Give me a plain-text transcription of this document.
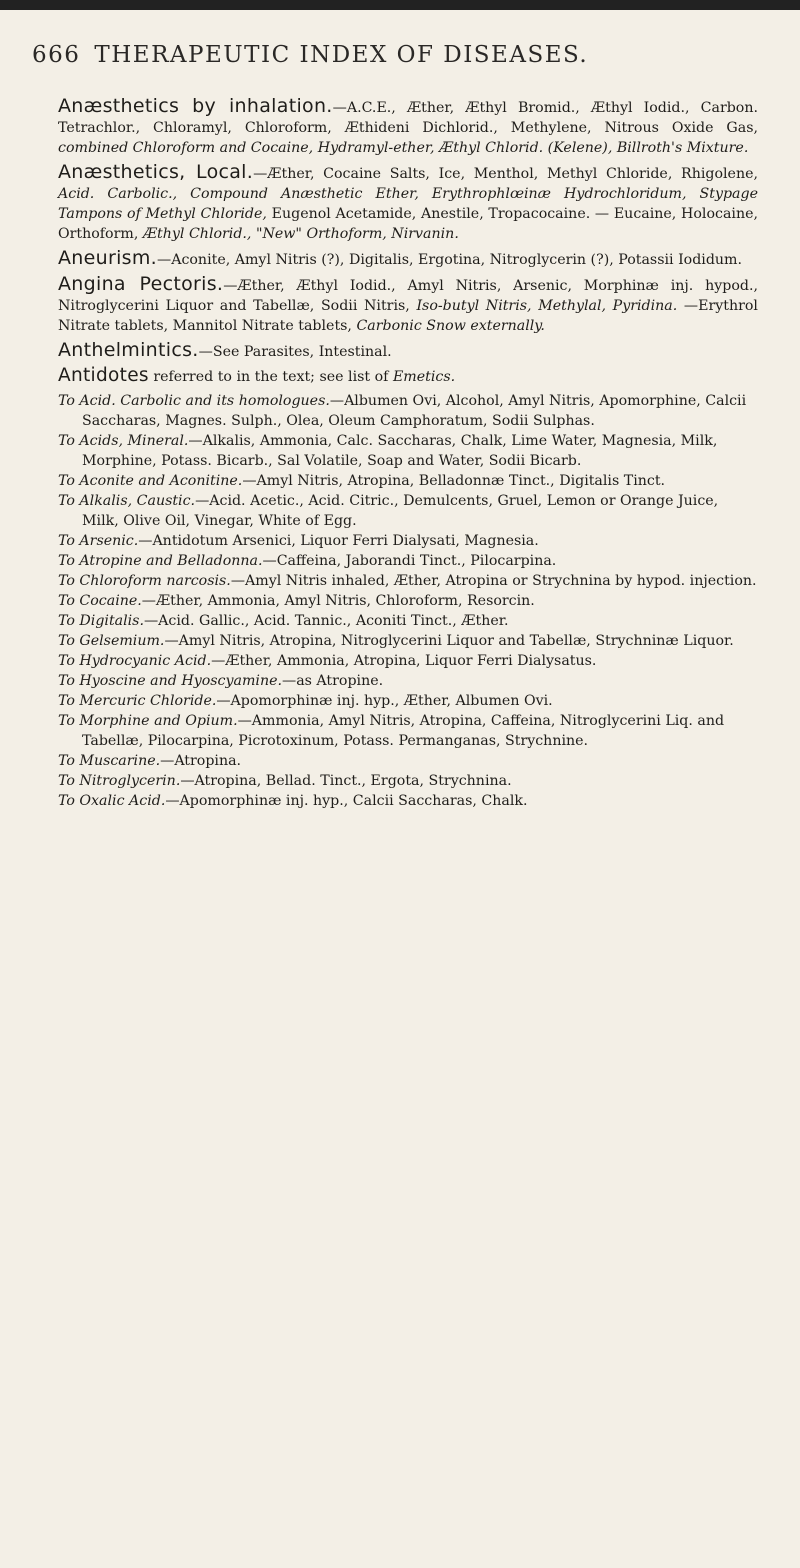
666 THERAPEUTIC INDEX OF DISEASES.

Anæsthetics by inhalation.—A.C.E., Æther, Æthyl Bromid., Æthyl Iodid., Carbon. Tetrachlor., Chloramyl, Chloroform, Æthideni Dichlorid., Methylene, Nitrous Oxide Gas, combined Chloroform and Cocaine, Hydramyl-ether, Æthyl Chlorid. (Kelene), Billroth's Mixture.

Anæsthetics, Local.—Æther, Cocaine Salts, Ice, Menthol, Methyl Chloride, Rhigolene, Acid. Carbolic., Compound Anæsthetic Ether, Erythrophlœinæ Hydrochloridum, Stypage Tampons of Methyl Chloride, Eugenol Acetamide, Anestile, Tropacocaine. — Eucaine, Holocaine, Orthoform, Æthyl Chlorid., "New" Orthoform, Nirvanin.

Aneurism.—Aconite, Amyl Nitris (?), Digitalis, Ergotina, Nitroglycerin (?), Potassii Iodidum.

Angina Pectoris.—Æther, Æthyl Iodid., Amyl Nitris, Arsenic, Morphinæ inj. hypod., Nitroglycerini Liquor and Tabellæ, Sodii Nitris, Iso-butyl Nitris, Methylal, Pyridina. —Erythrol Nitrate tablets, Mannitol Nitrate tablets, Carbonic Snow externally.

Anthelmintics.—See Parasites, Intestinal.

Antidotes referred to in the text; see list of Emetics.

To Acid. Carbolic and its homologues.—Albumen Ovi, Alcohol, Amyl Nitris, Apomorphine, Calcii Saccharas, Magnes. Sulph., Olea, Oleum Camphoratum, Sodii Sulphas.

To Acids, Mineral.—Alkalis, Ammonia, Calc. Saccharas, Chalk, Lime Water, Magnesia, Milk, Morphine, Potass. Bicarb., Sal Volatile, Soap and Water, Sodii Bicarb.

To Aconite and Aconitine.—Amyl Nitris, Atropina, Belladonnæ Tinct., Digitalis Tinct.

To Alkalis, Caustic.—Acid. Acetic., Acid. Citric., Demulcents, Gruel, Lemon or Orange Juice, Milk, Olive Oil, Vinegar, White of Egg.

To Arsenic.—Antidotum Arsenici, Liquor Ferri Dialysati, Magnesia.

To Atropine and Belladonna.—Caffeina, Jaborandi Tinct., Pilocarpina.

To Chloroform narcosis.—Amyl Nitris inhaled, Æther, Atropina or Strychnina by hypod. injection.

To Cocaine.—Æther, Ammonia, Amyl Nitris, Chloroform, Resorcin.

To Digitalis.—Acid. Gallic., Acid. Tannic., Aconiti Tinct., Æther.

To Gelsemium.—Amyl Nitris, Atropina, Nitroglycerini Liquor and Tabellæ, Strychninæ Liquor.

To Hydrocyanic Acid.—Æther, Ammonia, Atropina, Liquor Ferri Dialysatus.

To Hyoscine and Hyoscyamine.—as Atropine.

To Mercuric Chloride.—Apomorphinæ inj. hyp., Æther, Albumen Ovi.

To Morphine and Opium.—Ammonia, Amyl Nitris, Atropina, Caffeina, Nitroglycerini Liq. and Tabellæ, Pilocarpina, Picrotoxinum, Potass. Permanganas, Strychnine.

To Muscarine.—Atropina.

To Nitroglycerin.—Atropina, Bellad. Tinct., Ergota, Strychnina.

To Oxalic Acid.—Apomorphinæ inj. hyp., Calcii Saccharas, Chalk.
